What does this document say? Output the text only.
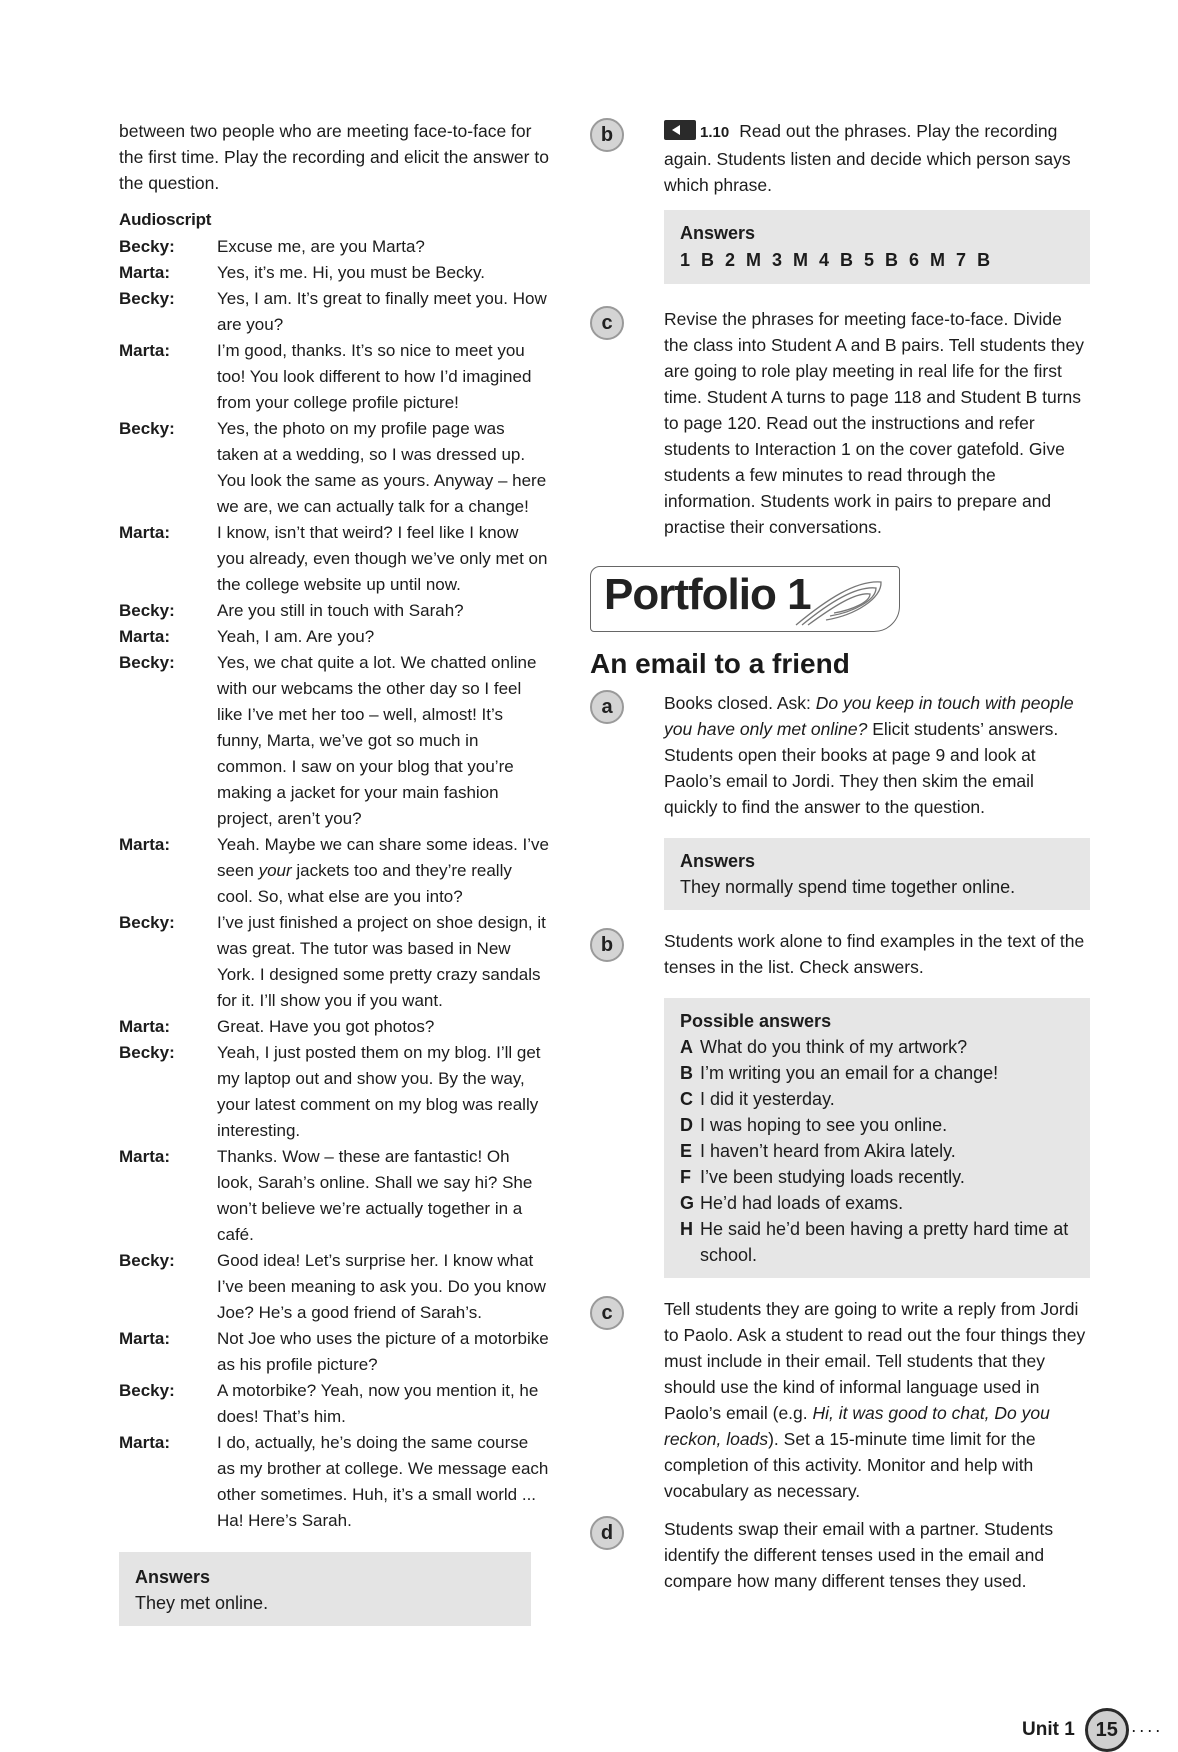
between two people who are meeting face-to-face for the first time. Play the recording and elicit the answer to the question.

Audioscript
Becky:	Excuse me, are you Marta?
Marta:	Yes, it’s me. Hi, you must be Becky.
Becky:	Yes, I am. It’s great to finally meet you. How are you?
Marta:	I’m good, thanks. It’s so nice to meet you too! You look different to how I’d imagined from your college profile picture!
Becky:	Yes, the photo on my profile page was taken at a wedding, so I was dressed up. You look the same as yours. Anyway – here we are, we can actually talk for a change!
Marta:	I know, isn’t that weird? I feel like I know you already, even though we’ve only met on the college website up until now.
Becky:	Are you still in touch with Sarah?
Marta:	Yeah, I am. Are you?
Becky:	Yes, we chat quite a lot. We chatted online with our webcams the other day so I feel like I’ve met her too – well, almost! It’s funny, Marta, we’ve got so much in common. I saw on your blog that you’re making a jacket for your main fashion project, aren’t you?
Marta:	Yeah. Maybe we can share some ideas. I’ve seen your jackets too and they’re really cool. So, what else are you into?
Becky:	I’ve just finished a project on shoe design, it was great. The tutor was based in New York. I designed some pretty crazy sandals for it. I’ll show you if you want.
Marta:	Great. Have you got photos?
Becky:	Yeah, I just posted them on my blog. I’ll get my laptop out and show you. By the way, your latest comment on my blog was really interesting.
Marta:	Thanks. Wow – these are fantastic! Oh look, Sarah’s online. Shall we say hi? She won’t believe we’re actually together in a café.
Becky:	Good idea! Let’s surprise her. I know what I’ve been meaning to ask you. Do you know Joe? He’s a good friend of Sarah’s.
Marta:	Not Joe who uses the picture of a motorbike as his profile picture?
Becky:	A motorbike? Yeah, now you mention it, he does! That’s him.
Marta:	I do, actually, he’s doing the same course as my brother at college. We message each other sometimes. Huh, it’s a small world ... Ha! Here’s Sarah.
Answers
They met online.
b	1.10 Read out the phrases. Play the recording again. Students listen and decide which person says which phrase.

Answers
1 B 2 M 3 M 4 B 5 B 6 M 7 B
c	Revise the phrases for meeting face-to-face. Divide the class into Student A and B pairs. Tell students they are going to role play meeting in real life for the first time. Student A turns to page 118 and Student B turns to page 120. Read out the instructions and refer students to Interaction 1 on the cover gatefold. Give students a few minutes to read through the information. Students work in pairs to prepare and practise their conversations.

Portfolio 1
An email to a friend
a	Books closed. Ask: Do you keep in touch with people you have only met online? Elicit students’ answers. Students open their books at page 9 and look at Paolo’s email to Jordi. They then skim the email quickly to find the answer to the question.

Answers
They normally spend time together online.
b	Students work alone to find examples in the text of the tenses in the list. Check answers.

Possible answers
A What do you think of my artwork?
B I’m writing you an email for a change!
C I did it yesterday.
D I was hoping to see you online.
E I haven’t heard from Akira lately.
F I’ve been studying loads recently.
G He’d had loads of exams.
H He said he’d been having a pretty hard time at school.
c	Tell students they are going to write a reply from Jordi to Paolo. Ask a student to read out the four things they must include in their email. Tell students that they should use the kind of informal language used in Paolo’s email (e.g. Hi, it was good to chat, Do you reckon, loads). Set a 15-minute time limit for the completion of this activity. Monitor and help with vocabulary as necessary.

d	Students swap their email with a partner. Students identify the different tenses used in the email and compare how many different tenses they used.

Unit 1	15 ····
